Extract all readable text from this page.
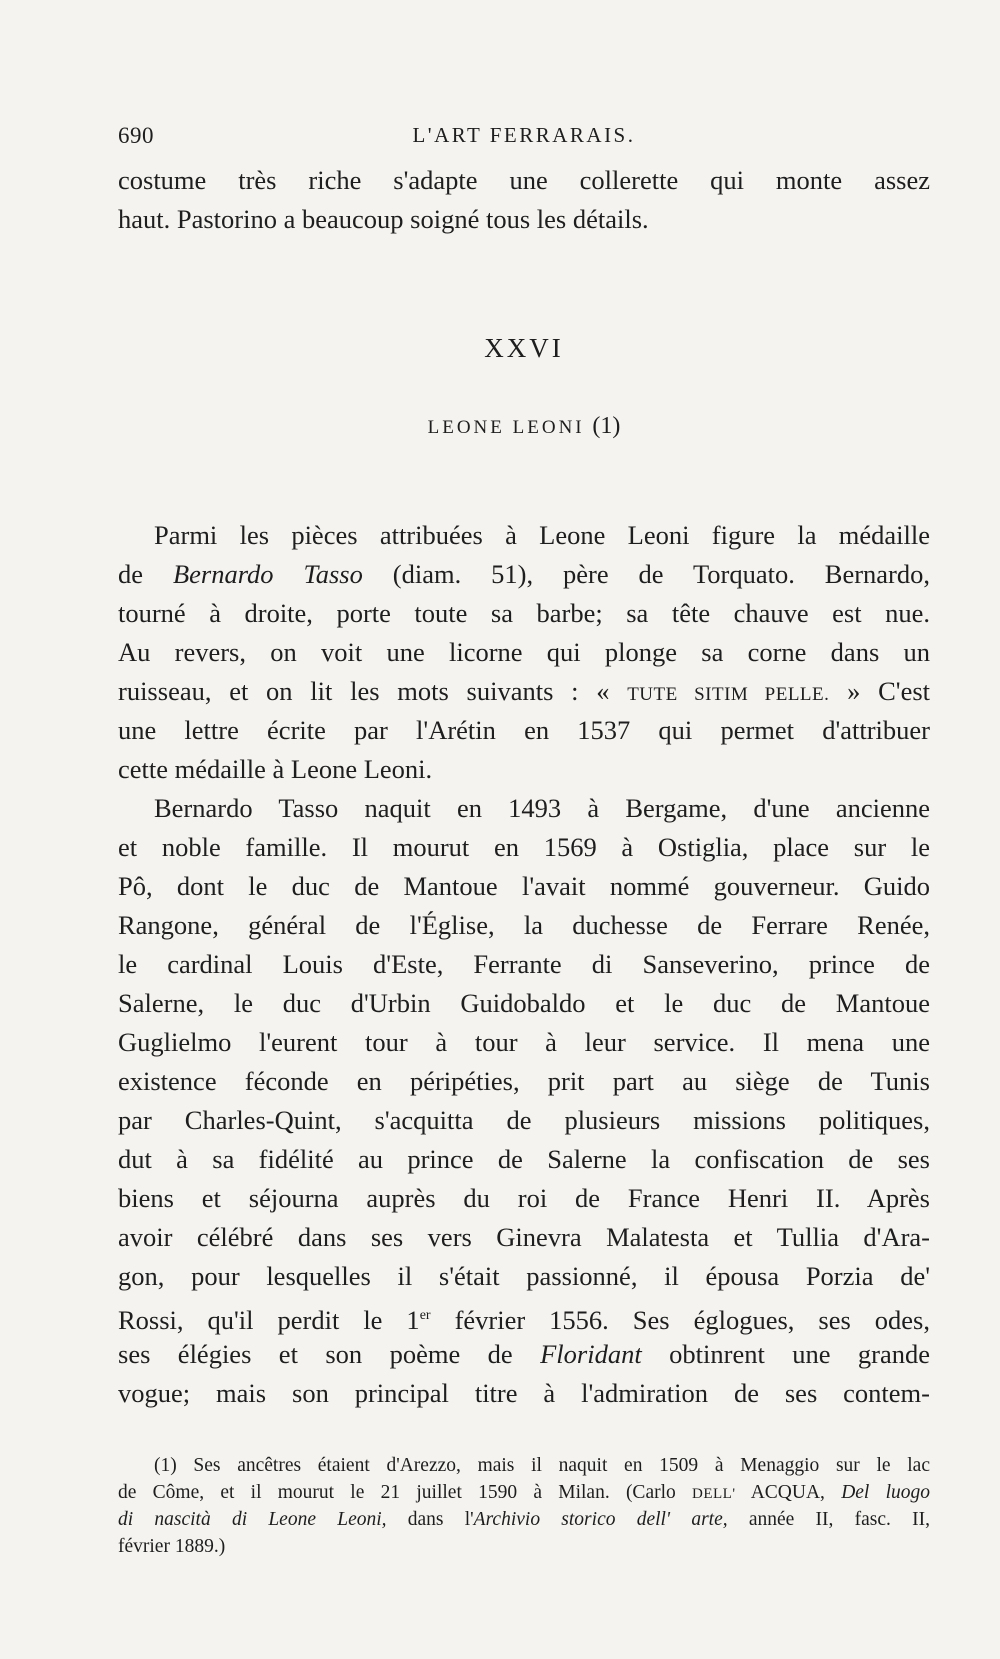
690	L'ART FERRARAIS.
costume très riche s'adapte une collerette qui monte assez
haut. Pastorino a beaucoup soigné tous les détails.
XXVI
LEONE LEONI (1)
Parmi les pièces attribuées à Leone Leoni figure la médaille
de Bernardo Tasso (diam. 51), père de Torquato. Bernardo,
tourné à droite, porte toute sa barbe; sa tête chauve est nue.
Au revers, on voit une licorne qui plonge sa corne dans un
ruisseau, et on lit les mots suivants : « TUTE SITIM PELLE. » C'est
une lettre écrite par l'Arétin en 1537 qui permet d'attribuer
cette médaille à Leone Leoni.
Bernardo Tasso naquit en 1493 à Bergame, d'une ancienne
et noble famille. Il mourut en 1569 à Ostiglia, place sur le
Pô, dont le duc de Mantoue l'avait nommé gouverneur. Guido
Rangone, général de l'Église, la duchesse de Ferrare Renée,
le cardinal Louis d'Este, Ferrante di Sanseverino, prince de
Salerne, le duc d'Urbin Guidobaldo et le duc de Mantoue
Guglielmo l'eurent tour à tour à leur service. Il mena une
existence féconde en péripéties, prit part au siège de Tunis
par Charles-Quint, s'acquitta de plusieurs missions politiques,
dut à sa fidélité au prince de Salerne la confiscation de ses
biens et séjourna auprès du roi de France Henri II. Après
avoir célébré dans ses vers Ginevra Malatesta et Tullia d'Ara-
gon, pour lesquelles il s'était passionné, il épousa Porzia de'
Rossi, qu'il perdit le 1er février 1556. Ses églogues, ses odes,
ses élégies et son poème de Floridant obtinrent une grande
vogue; mais son principal titre à l'admiration de ses contem-
(1) Ses ancêtres étaient d'Arezzo, mais il naquit en 1509 à Menaggio sur le lac
de Côme, et il mourut le 21 juillet 1590 à Milan. (Carlo DELL' ACQUA, Del luogo
di nascità di Leone Leoni, dans l'Archivio storico dell' arte, année II, fasc. II,
février 1889.)
